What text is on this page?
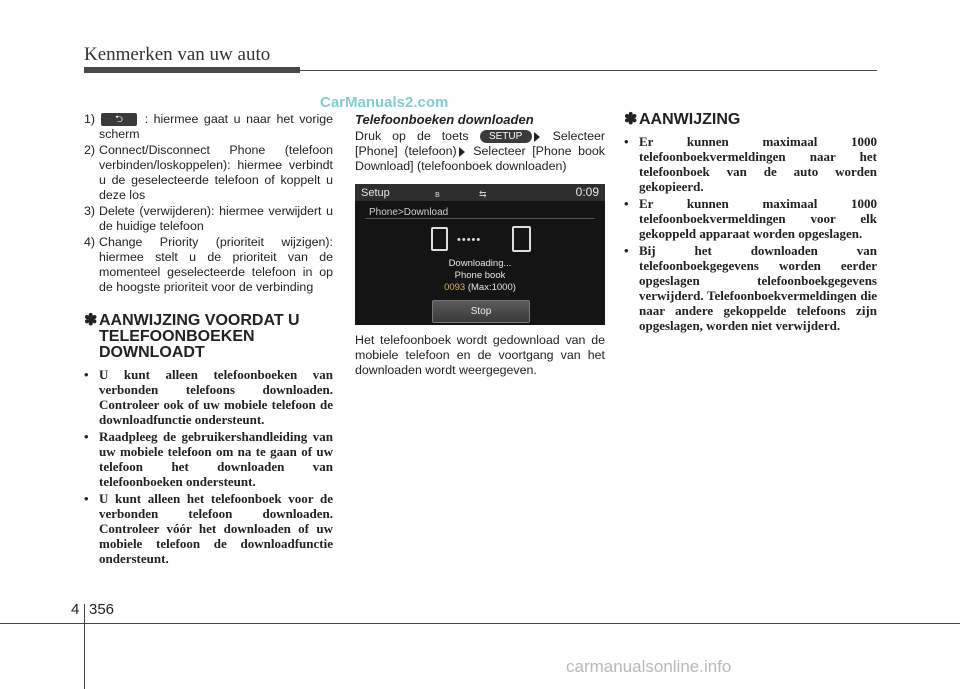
Kenmerken van uw auto
CarManuals2.com
1)	⮌ : hiermee gaat u naar het vorige scherm
2) Connect/Disconnect Phone (telefoon verbinden/loskoppelen): hiermee verbindt u de geselecteerde telefoon of koppelt u deze los
3) Delete (verwijderen): hiermee verwijdert u de huidige telefoon
4) Change Priority (prioriteit wijzigen): hiermee stelt u de prioriteit van de momenteel geselecteerde telefoon in op de hoogste prioriteit voor de verbinding
✽ AANWIJZING VOORDAT U TELEFOONBOEKEN DOWNLOADT
• U kunt alleen telefoonboeken van verbonden telefoons downloaden. Controleer ook of uw mobiele telefoon de downloadfunctie ondersteunt.
• Raadpleeg de gebruikershandleiding van uw mobiele telefoon om na te gaan of uw telefoon het downloaden van telefoonboeken ondersteunt.
• U kunt alleen het telefoonboek voor de verbonden telefoon downloaden. Controleer vóór het downloaden of uw mobiele telefoon de downloadfunctie ondersteunt.
Telefoonboeken downloaden
Druk op de toets SETUP Selecteer [Phone] (telefoon) Selecteer [Phone book Download] (telefoonboek downloaden)
Setup	ʙ	⇆	0:09
Phone>Download
•••••
Downloading...
Phone book
0093 (Max:1000)
Stop
Het telefoonboek wordt gedownload van de mobiele telefoon en de voortgang van het downloaden wordt weergegeven.
✽ AANWIJZING
• Er kunnen maximaal 1000 telefoonboekvermeldingen naar het telefoonboek van de auto worden gekopieerd.
• Er kunnen maximaal 1000 telefoonboekvermeldingen voor elk gekoppeld apparaat worden opgeslagen.
• Bij het downloaden van telefoonboekgegevens worden eerder opgeslagen telefoonboekgegevens verwijderd. Telefoonboekvermeldingen die naar andere gekoppelde telefoons zijn opgeslagen, worden niet verwijderd.
4 356
carmanualsonline.info
